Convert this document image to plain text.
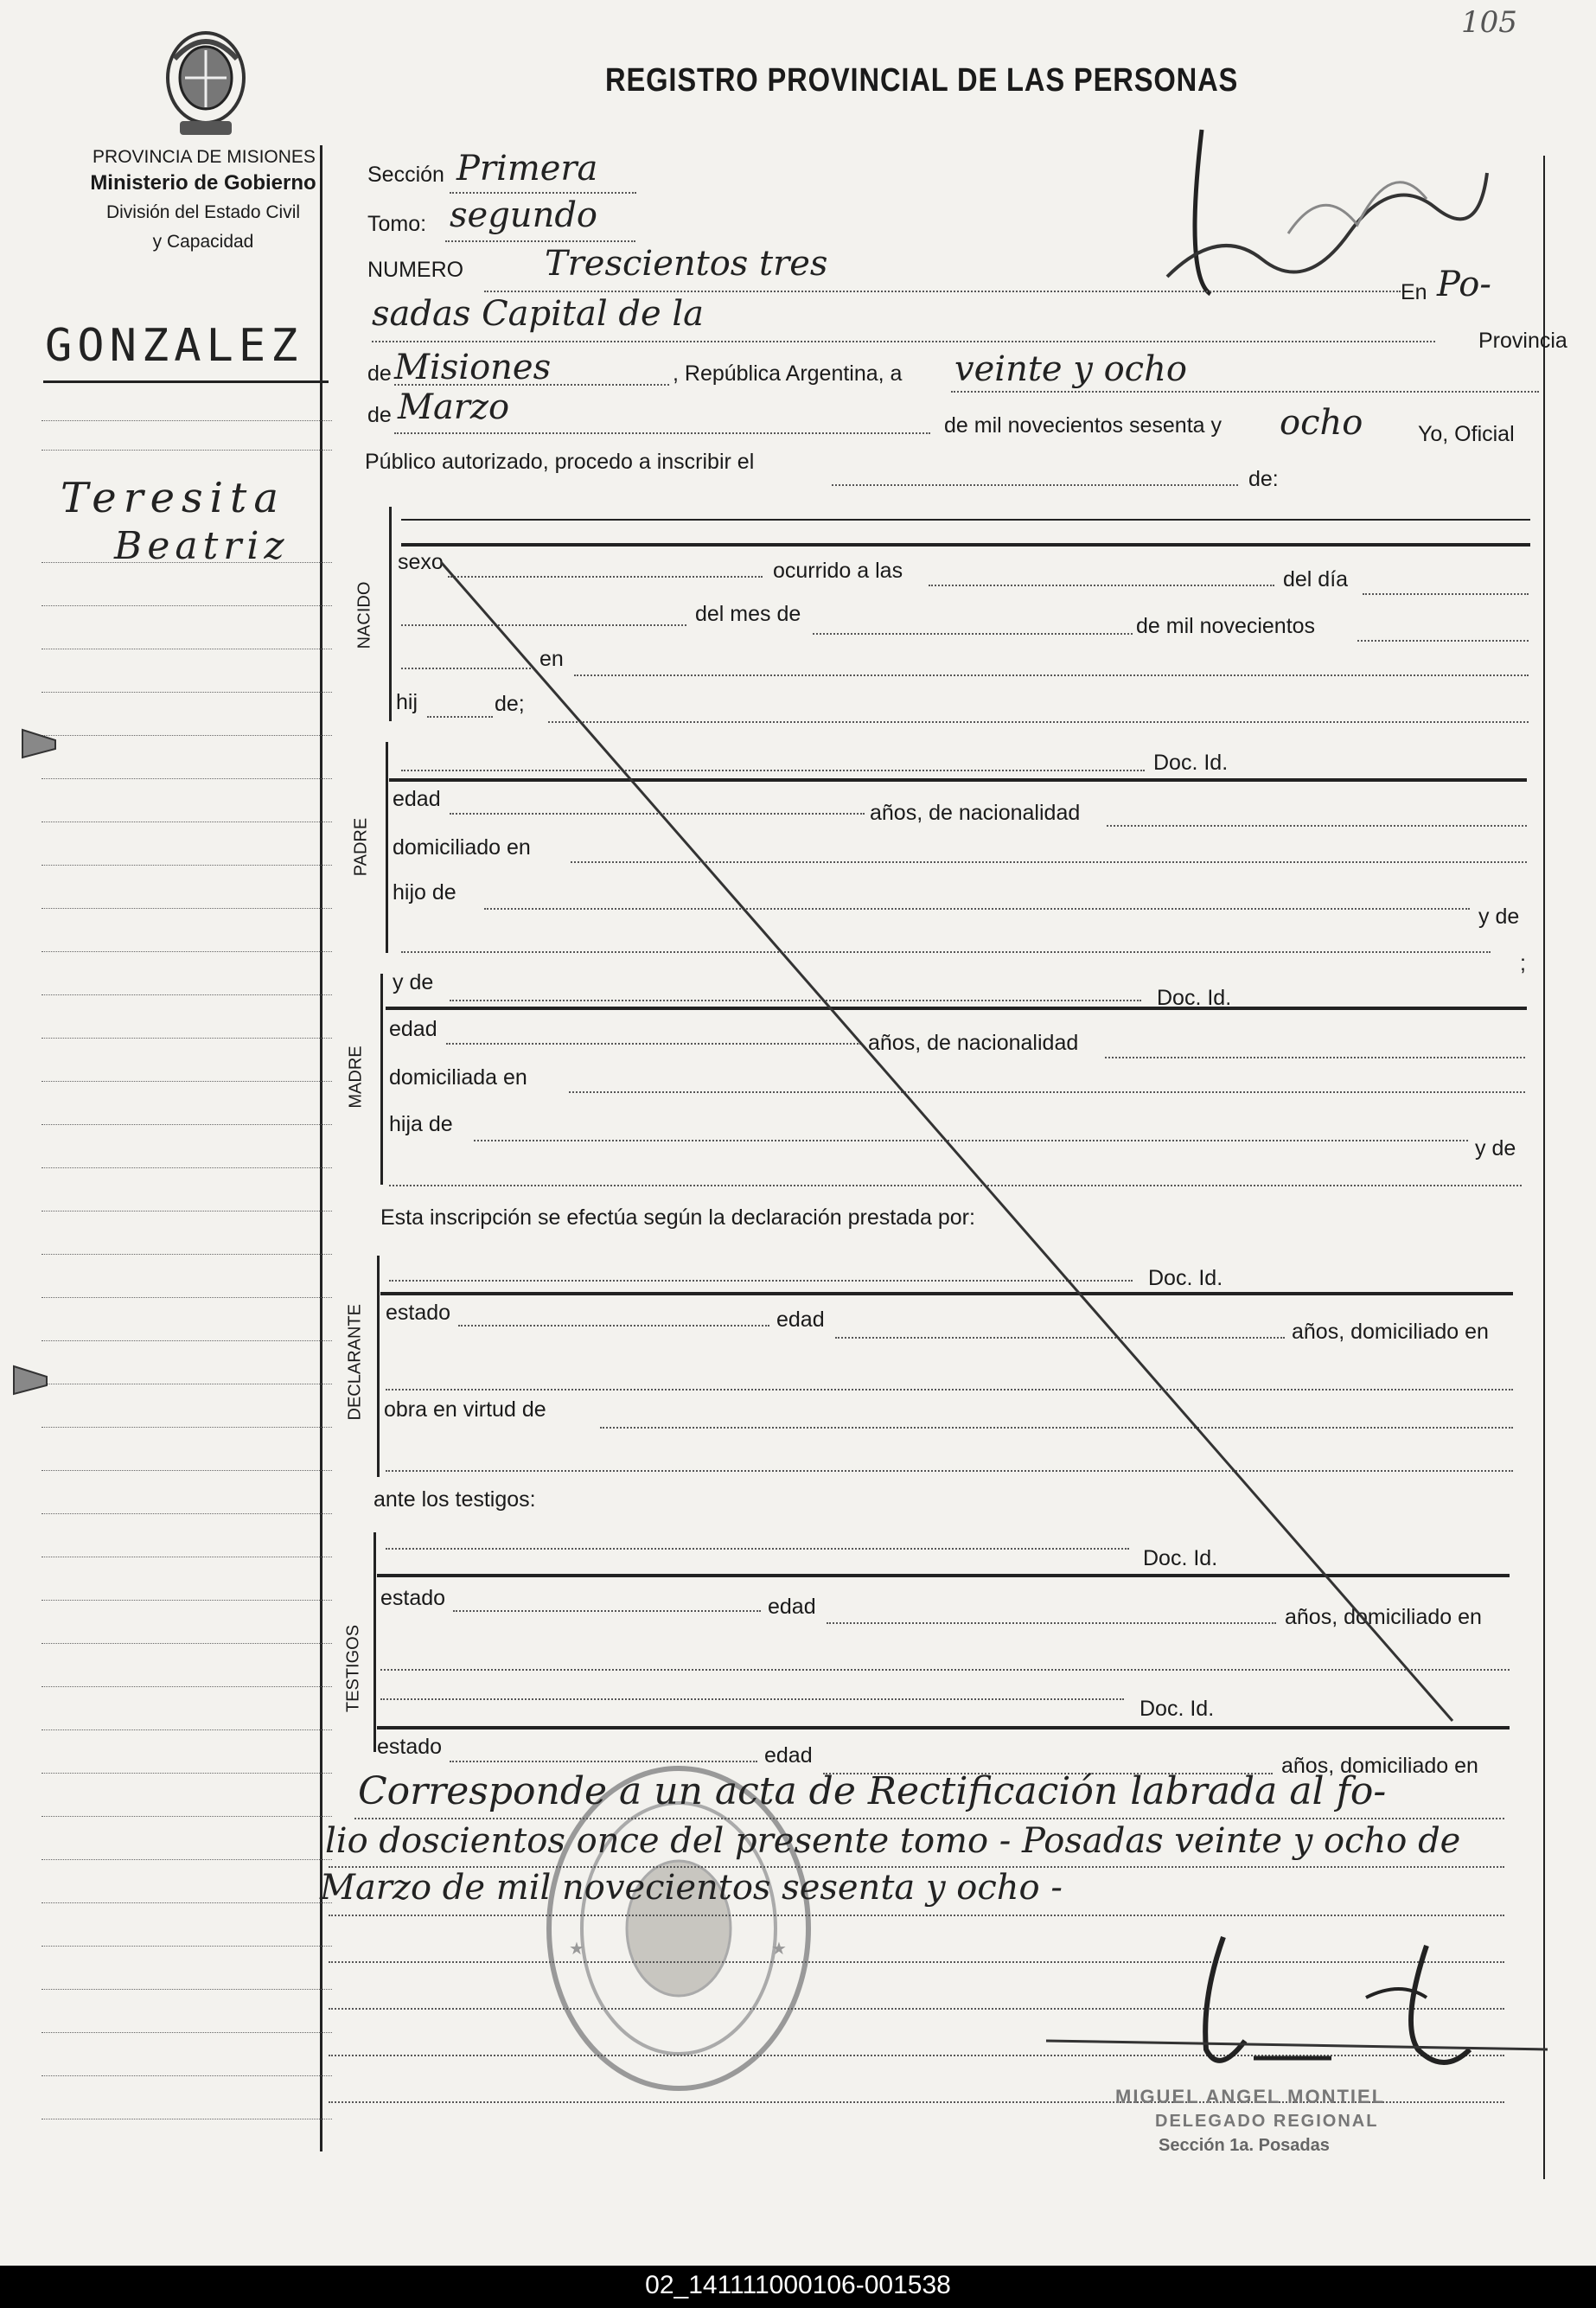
105
PROVINCIA DE MISIONES
Ministerio de Gobierno
División del Estado Civil
y Capacidad
REGISTRO PROVINCIAL DE LAS PERSONAS
GONZALEZ
Teresita
Beatriz
Sección Primera
Tomo: segundo
NUMERO Trescientos tres
En Po-
sadas Capital de la
Provincia
de Misiones	, República Argentina, a veinte y ocho
de Marzo	de mil novecientos sesenta y ocho	Yo, Oficial
Público autorizado, procedo a inscribir el
de:
NACIDO
sexo	ocurrido a las	del día
del mes de	de mil novecientos
en
hij	de;
PADRE
Doc. Id.
edad
años, de nacionalidad
domiciliado en
hijo de
y de
;
MADRE
y de
Doc. Id.
edad
años, de nacionalidad
domiciliada en
hija de
y de
Esta inscripción se efectúa según la declaración prestada por:
DECLARANTE
Doc. Id.
estado	edad	años, domiciliado en
obra en virtud de
ante los testigos:
TESTIGOS
Doc. Id.
estado	edad	años, domiciliado en
Doc. Id.
estado	edad	años, domiciliado en
★	★
Corresponde a un acta de Rectificación labrada al fo-
lio doscientos once del presente tomo - Posadas veinte y ocho de
Marzo de mil novecientos sesenta y ocho -
MIGUEL ANGEL MONTIEL
DELEGADO REGIONAL
Sección 1a. Posadas
02_141111000106-001538
